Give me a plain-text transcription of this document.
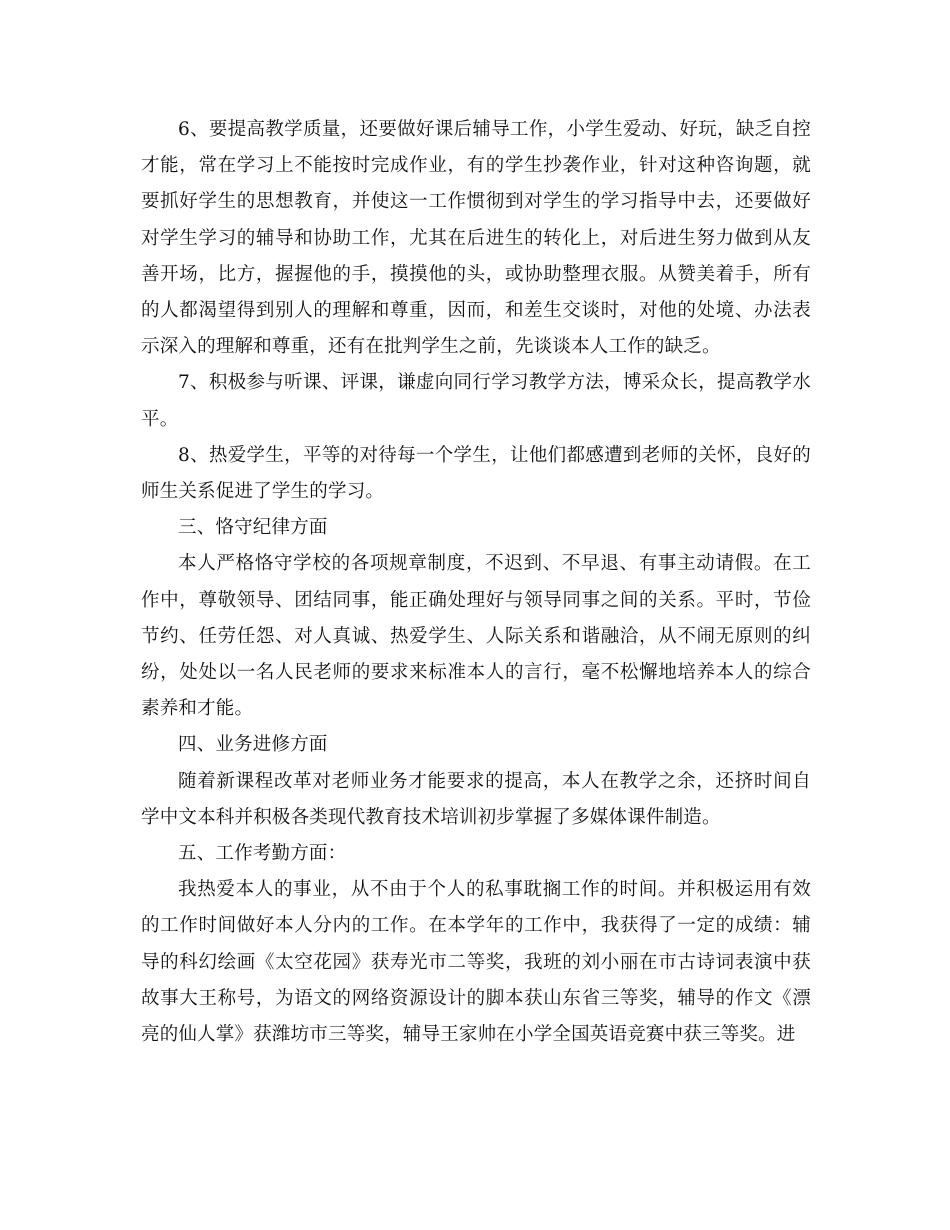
6、要提高教学质量，还要做好课后辅导工作，小学生爱动、好玩，缺乏自控才能，常在学习上不能按时完成作业，有的学生抄袭作业，针对这种咨询题，就要抓好学生的思想教育，并使这一工作惯彻到对学生的学习指导中去，还要做好对学生学习的辅导和协助工作，尤其在后进生的转化上，对后进生努力做到从友善开场，比方，握握他的手，摸摸他的头，或协助整理衣服。从赞美着手，所有的人都渴望得到别人的理解和尊重，因而，和差生交谈时，对他的处境、办法表示深入的理解和尊重，还有在批判学生之前，先谈谈本人工作的缺乏。

7、积极参与听课、评课，谦虚向同行学习教学方法，博采众长，提高教学水平。

8、热爱学生，平等的对待每一个学生，让他们都感遭到老师的关怀，良好的师生关系促进了学生的学习。

三、恪守纪律方面

本人严格恪守学校的各项规章制度，不迟到、不早退、有事主动请假。在工作中，尊敬领导、团结同事，能正确处理好与领导同事之间的关系。平时，节俭节约、任劳任怨、对人真诚、热爱学生、人际关系和谐融洽，从不闹无原则的纠纷，处处以一名人民老师的要求来标准本人的言行，毫不松懈地培养本人的综合素养和才能。

四、业务进修方面

随着新课程改革对老师业务才能要求的提高，本人在教学之余，还挤时间自学中文本科并积极各类现代教育技术培训初步掌握了多媒体课件制造。

五、工作考勤方面：

我热爱本人的事业，从不由于个人的私事耽搁工作的时间。并积极运用有效的工作时间做好本人分内的工作。在本学年的工作中，我获得了一定的成绩：辅导的科幻绘画《太空花园》获寿光市二等奖，我班的刘小丽在市古诗词表演中获故事大王称号，为语文的网络资源设计的脚本获山东省三等奖，辅导的作文《漂亮的仙人掌》获潍坊市三等奖，辅导王家帅在小学全国英语竞赛中获三等奖。进
